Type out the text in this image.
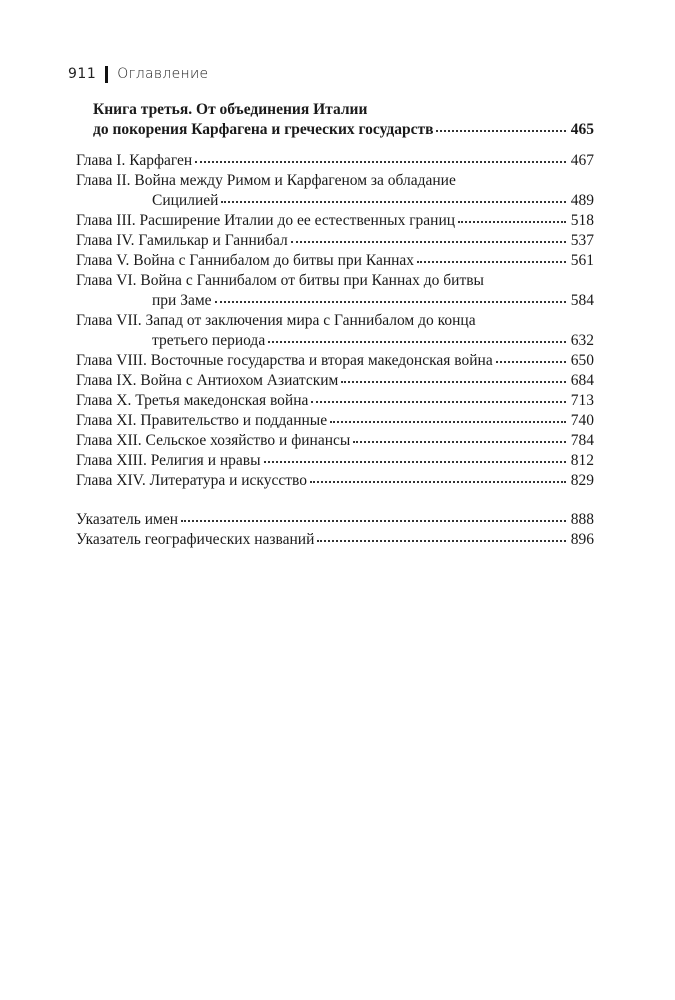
911 Оглавление
Книга третья. От объединения Италии
до покорения Карфагена и греческих государств	465
Глава I. Карфаген	467
Глава II. Война между Римом и Карфагеном за обладание
Сицилией	489
Глава III. Расширение Италии до ее естественных границ	518
Глава IV. Гамилькар и Ганнибал	537
Глава V. Война с Ганнибалом до битвы при Каннах	561
Глава VI. Война с Ганнибалом от битвы при Каннах до битвы
при Заме	584
Глава VII. Запад от заключения мира с Ганнибалом до конца
третьего периода	632
Глава VIII. Восточные государства и вторая македонская война	650
Глава IX. Война с Антиохом Азиатским	684
Глава X. Третья македонская война	713
Глава XI. Правительство и подданные	740
Глава XII. Сельское хозяйство и финансы	784
Глава XIII. Религия и нравы	812
Глава XIV. Литература и искусство	829
Указатель имен	888
Указатель географических названий	896
